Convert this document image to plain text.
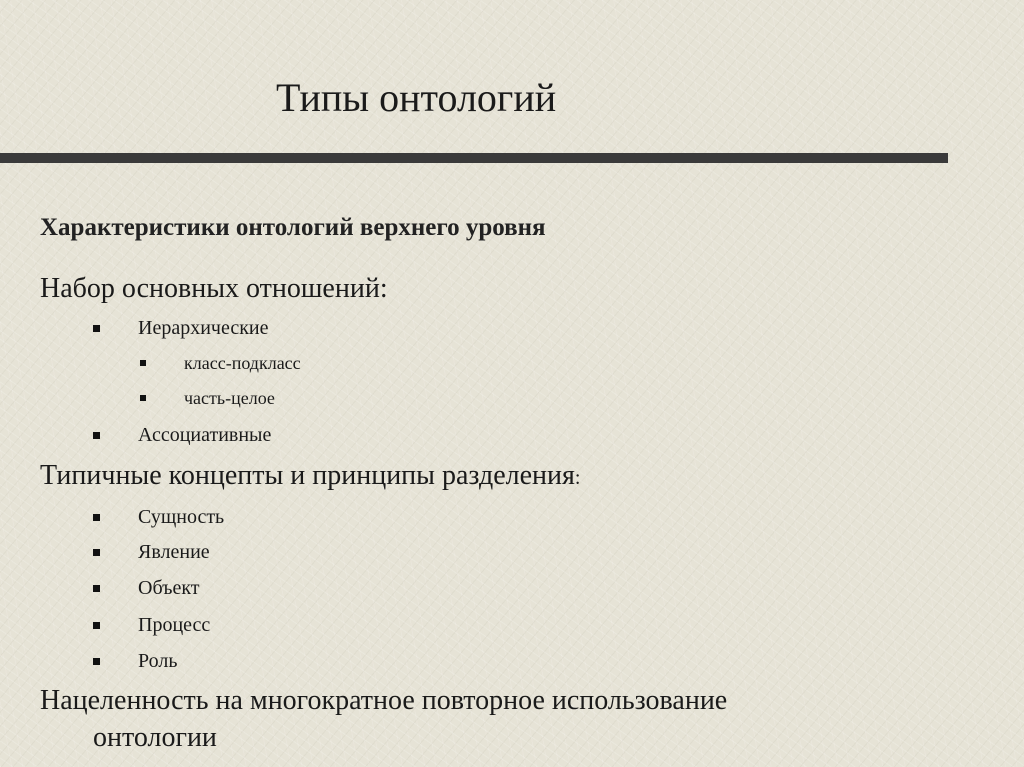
Типы онтологий
Характеристики онтологий верхнего уровня

Набор основных отношений:

Иерархические
класс-подкласс
часть-целое
Ассоциативные

Типичные концепты и принципы разделения:

Сущность
Явление
Объект
Процесс
Роль

Нацеленность на многократное повторное использование

онтологии
